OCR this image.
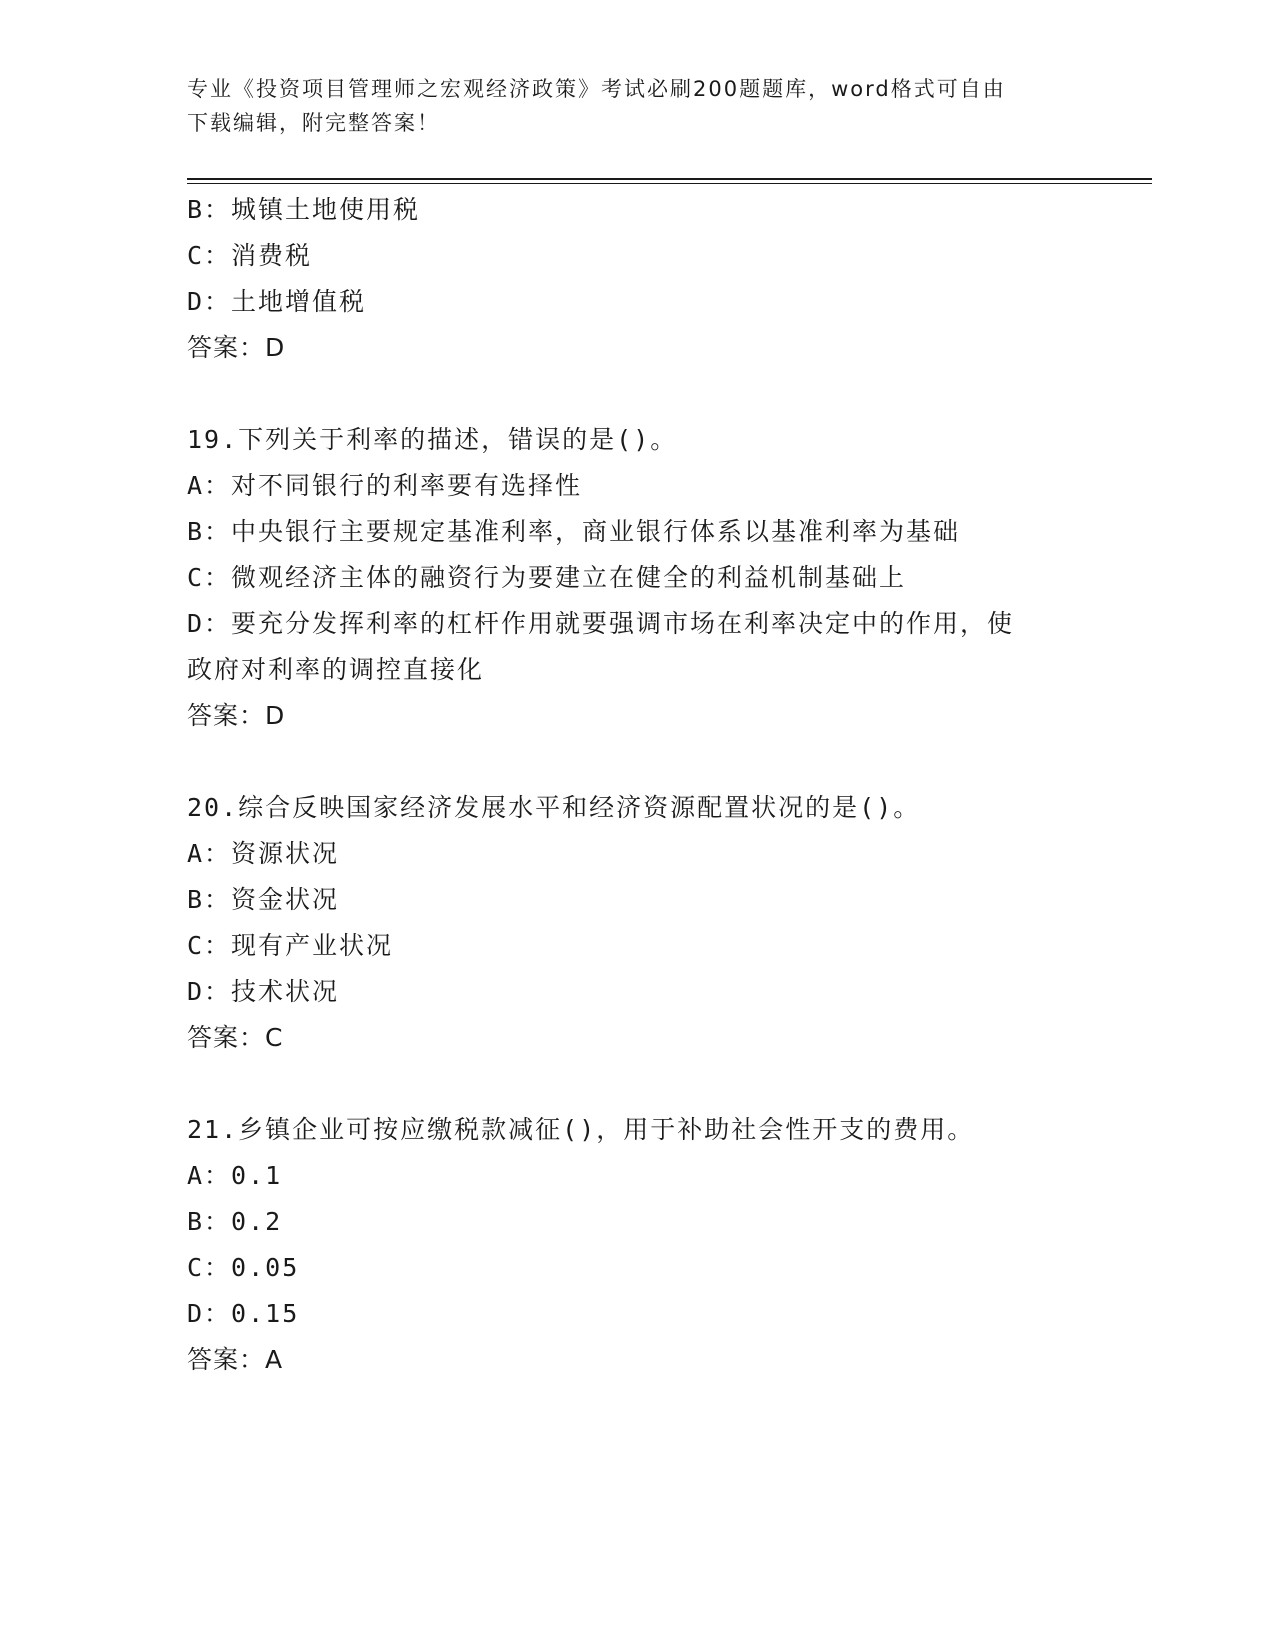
专业《投资项目管理师之宏观经济政策》考试必刷200题题库，word格式可自由
下载编辑，附完整答案！
B：城镇土地使用税
C：消费税
D：土地增值税
答案：D
19.下列关于利率的描述，错误的是()。
A：对不同银行的利率要有选择性
B：中央银行主要规定基准利率，商业银行体系以基准利率为基础
C：微观经济主体的融资行为要建立在健全的利益机制基础上
D：要充分发挥利率的杠杆作用就要强调市场在利率决定中的作用，使
政府对利率的调控直接化
答案：D
20.综合反映国家经济发展水平和经济资源配置状况的是()。
A：资源状况
B：资金状况
C：现有产业状况
D：技术状况
答案：C
21.乡镇企业可按应缴税款减征()，用于补助社会性开支的费用。
A：0.1
B：0.2
C：0.05
D：0.15
答案：A
